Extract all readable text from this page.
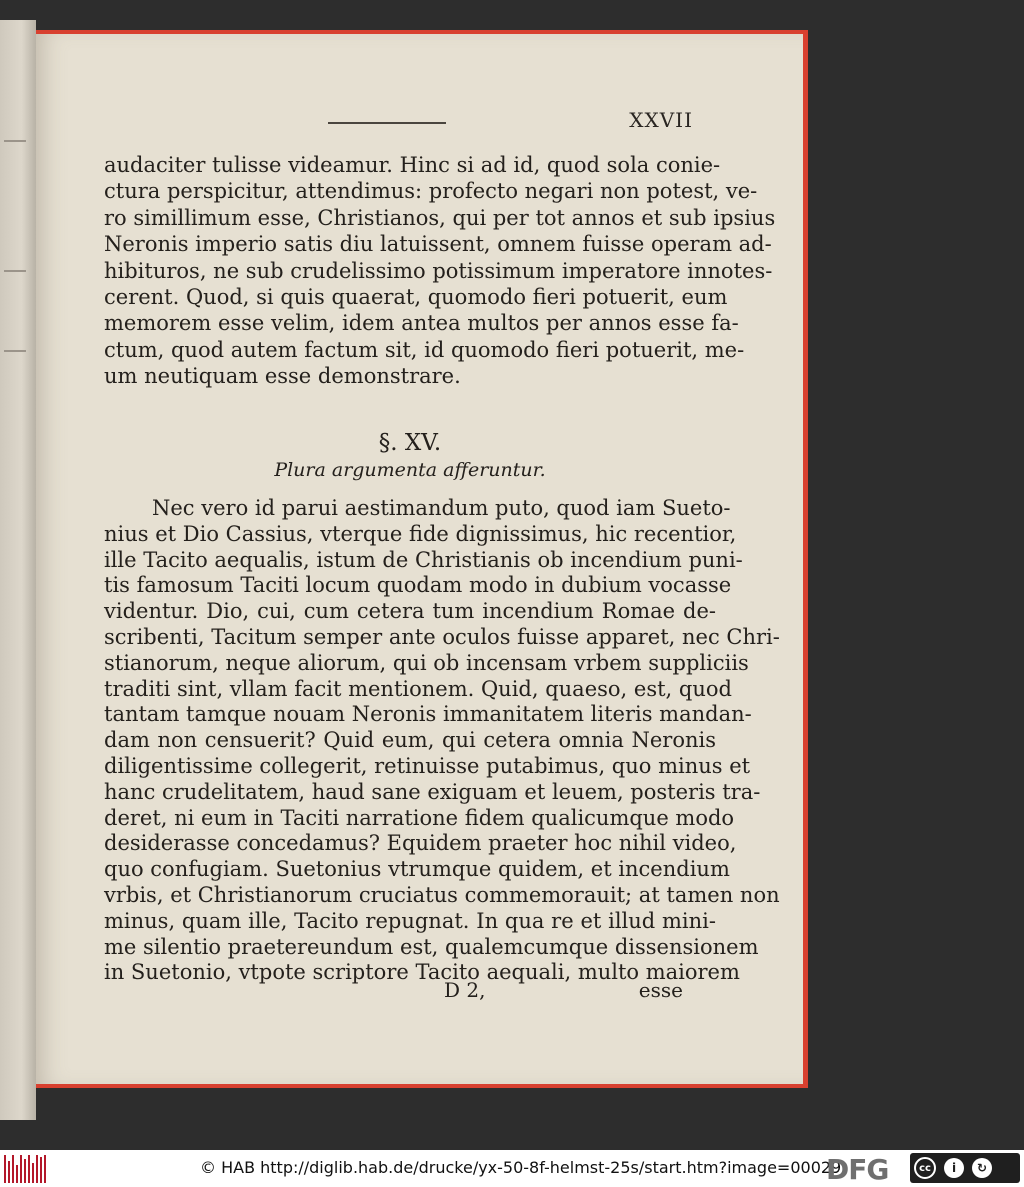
XXVII
audaciter tulisse videamur. Hinc si ad id, quod sola conie-
ctura perspicitur, attendimus: profecto negari non potest, ve-
ro simillimum esse, Christianos, qui per tot annos et sub ipsius
Neronis imperio satis diu latuissent, omnem fuisse operam ad-
hibituros, ne sub crudelissimo potissimum imperatore innotes-
cerent. Quod, si quis quaerat, quomodo fieri potuerit, eum
memorem esse velim, idem antea multos per annos esse fa-
ctum, quod autem factum sit, id quomodo fieri potuerit, me-
um neutiquam esse demonstrare.
§. XV.
Plura argumenta afferuntur.
Nec vero id parui aestimandum puto, quod iam Sueto-
nius et Dio Cassius, vterque fide dignissimus, hic recentior,
ille Tacito aequalis, istum de Christianis ob incendium puni-
tis famosum Taciti locum quodam modo in dubium vocasse
videntur. Dio, cui, cum cetera tum incendium Romae de-
scribenti, Tacitum semper ante oculos fuisse apparet, nec Chri-
stianorum, neque aliorum, qui ob incensam vrbem suppliciis
traditi sint, vllam facit mentionem. Quid, quaeso, est, quod
tantam tamque nouam Neronis immanitatem literis mandan-
dam non censuerit? Quid eum, qui cetera omnia Neronis
diligentissime collegerit, retinuisse putabimus, quo minus et
hanc crudelitatem, haud sane exiguam et leuem, posteris tra-
deret, ni eum in Taciti narratione fidem qualicumque modo
desiderasse concedamus? Equidem praeter hoc nihil video,
quo confugiam. Suetonius vtrumque quidem, et incendium
vrbis, et Christianorum cruciatus commemorauit; at tamen non
minus, quam ille, Tacito repugnat. In qua re et illud mini-
me silentio praetereundum est, qualemcumque dissensionem
in Suetonio, vtpote scriptore Tacito aequali, multo maiorem
D 2,	esse
© HAB http://diglib.hab.de/drucke/yx-50-8f-helmst-25s/start.htm?image=00029
DFG	cc	i	↻
